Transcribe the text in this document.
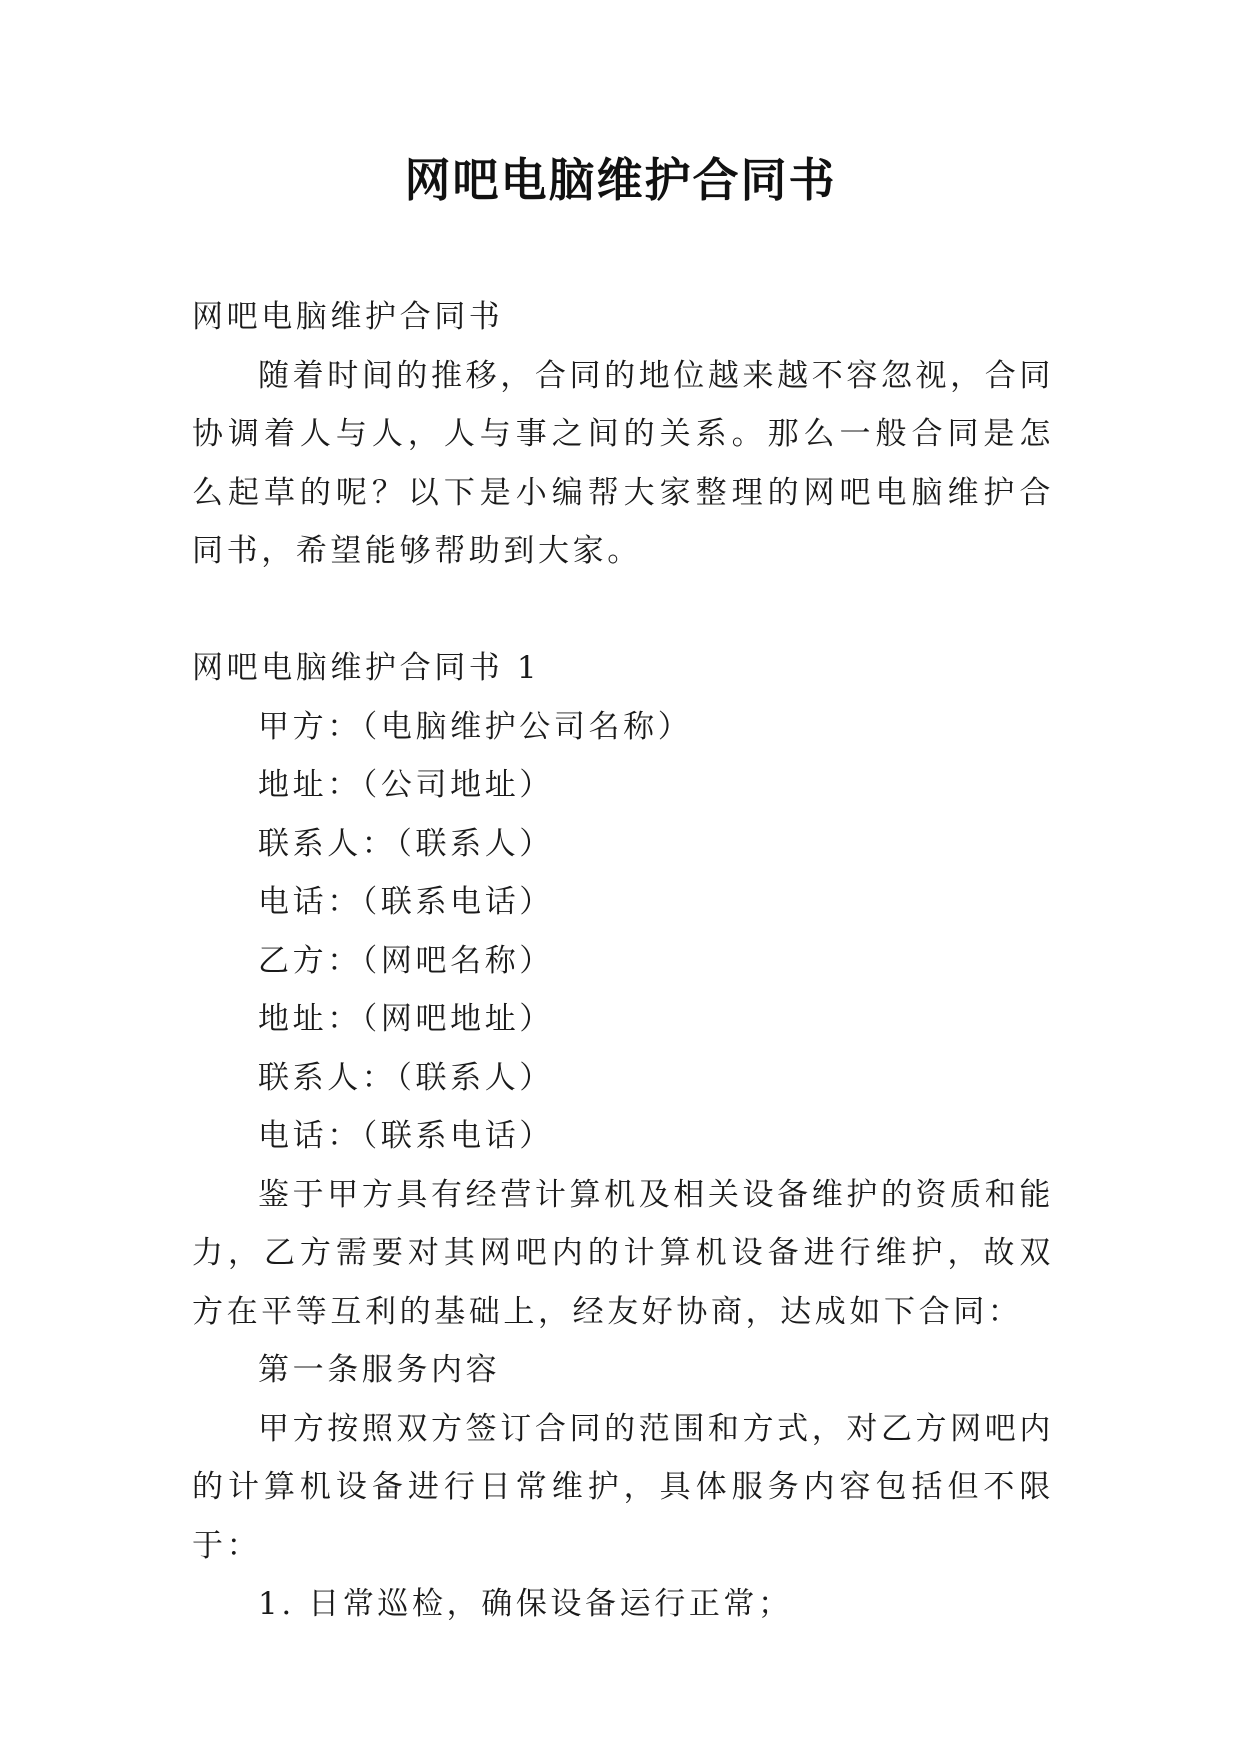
网吧电脑维护合同书
网吧电脑维护合同书
随着时间的推移，合同的地位越来越不容忽视，合同协调着人与人，人与事之间的关系。那么一般合同是怎么起草的呢？以下是小编帮大家整理的网吧电脑维护合同书，希望能够帮助到大家。
网吧电脑维护合同书 1
甲方：（电脑维护公司名称）
地址：（公司地址）
联系人：（联系人）
电话：（联系电话）
乙方：（网吧名称）
地址：（网吧地址）
联系人：（联系人）
电话：（联系电话）
鉴于甲方具有经营计算机及相关设备维护的资质和能力，乙方需要对其网吧内的计算机设备进行维护，故双方在平等互利的基础上，经友好协商，达成如下合同：
第一条服务内容
甲方按照双方签订合同的范围和方式，对乙方网吧内的计算机设备进行日常维护，具体服务内容包括但不限于：
1. 日常巡检，确保设备运行正常；
